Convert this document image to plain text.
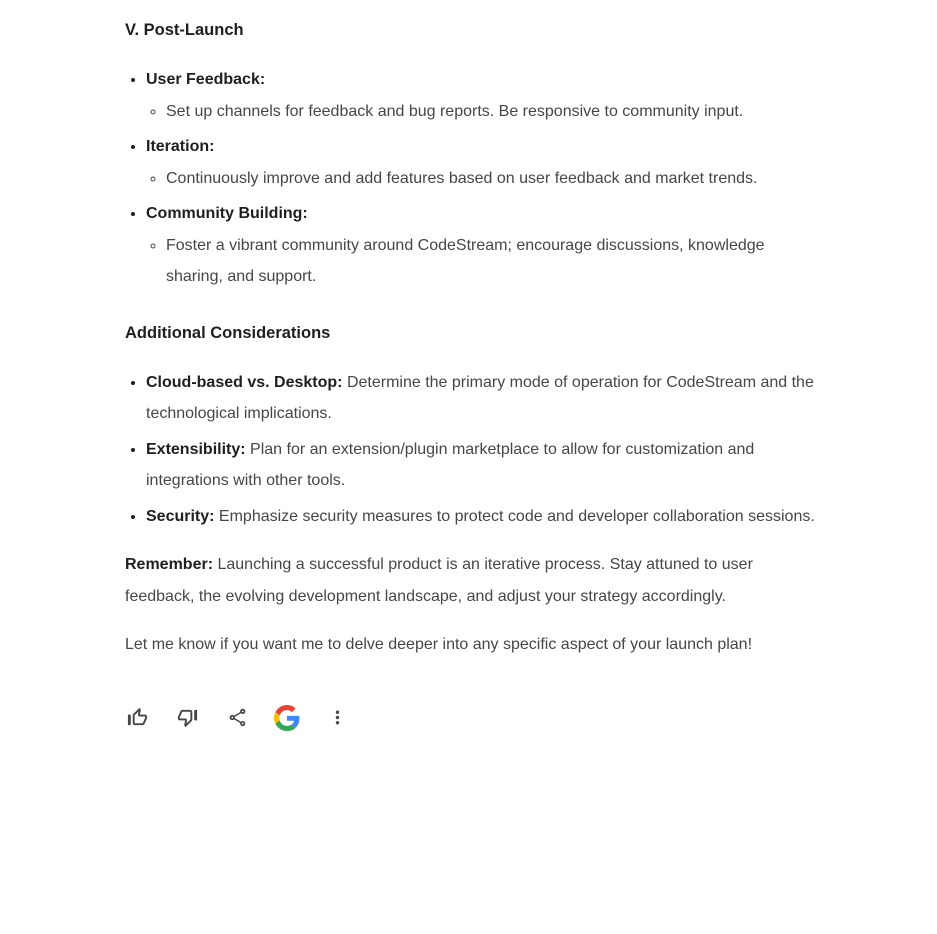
V. Post-Launch
• User Feedback:
◦ Set up channels for feedback and bug reports. Be responsive to community input.
• Iteration:
◦ Continuously improve and add features based on user feedback and market trends.
• Community Building:
◦ Foster a vibrant community around CodeStream; encourage discussions, knowledge sharing, and support.
Additional Considerations
• Cloud-based vs. Desktop: Determine the primary mode of operation for CodeStream and the technological implications.
• Extensibility: Plan for an extension/plugin marketplace to allow for customization and integrations with other tools.
• Security: Emphasize security measures to protect code and developer collaboration sessions.

Remember: Launching a successful product is an iterative process. Stay attuned to user feedback, the evolving development landscape, and adjust your strategy accordingly.

Let me know if you want me to delve deeper into any specific aspect of your launch plan!
